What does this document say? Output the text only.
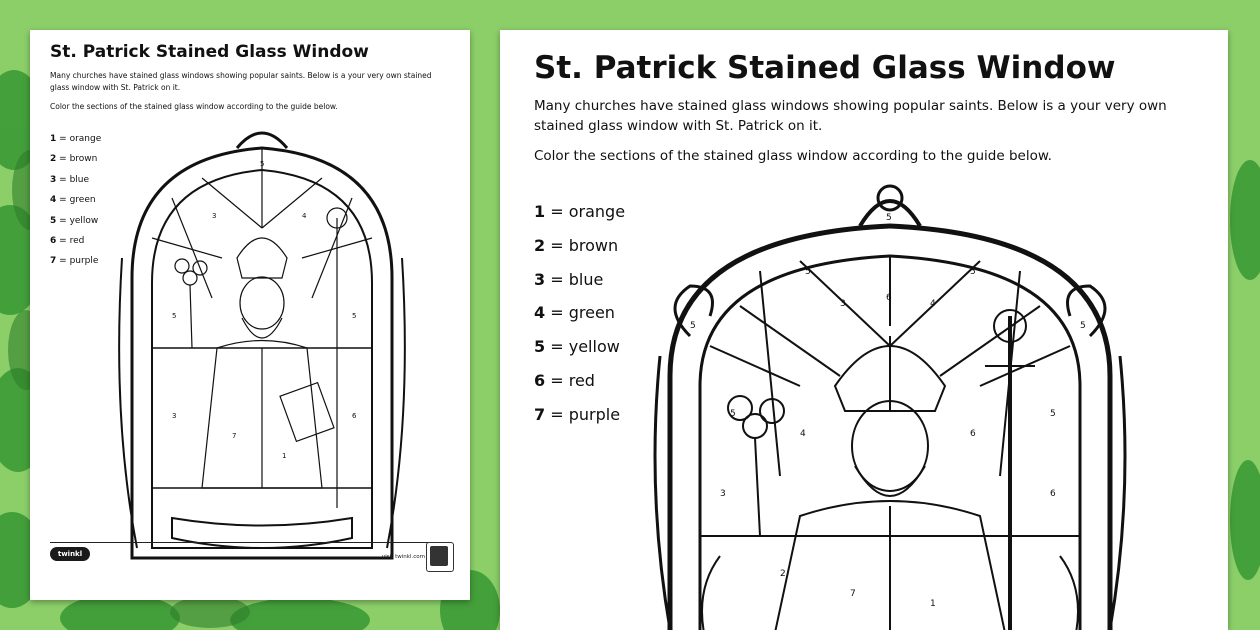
St. Patrick Stained Glass Window
Many churches have stained glass windows showing popular saints. Below is a your very own stained glass window with St. Patrick on it.
Color the sections of the stained glass window according to the guide below.
1 = orange
2 = brown
3 = blue
4 = green
5 = yellow
6 = red
7 = purple
5
3	4
5	5
3	6
7
1
twinkl	visit twinkl.com
St. Patrick Stained Glass Window
Many churches have stained glass windows showing popular saints. Below is a your very own stained glass window with St. Patrick on it.
Color the sections of the stained glass window according to the guide below.
1 = orange
2 = brown
3 = blue
4 = green
5 = yellow
6 = red
7 = purple
5
5	5
3
6
4
5	5
5	5
4	6
3	6
7
1
2
